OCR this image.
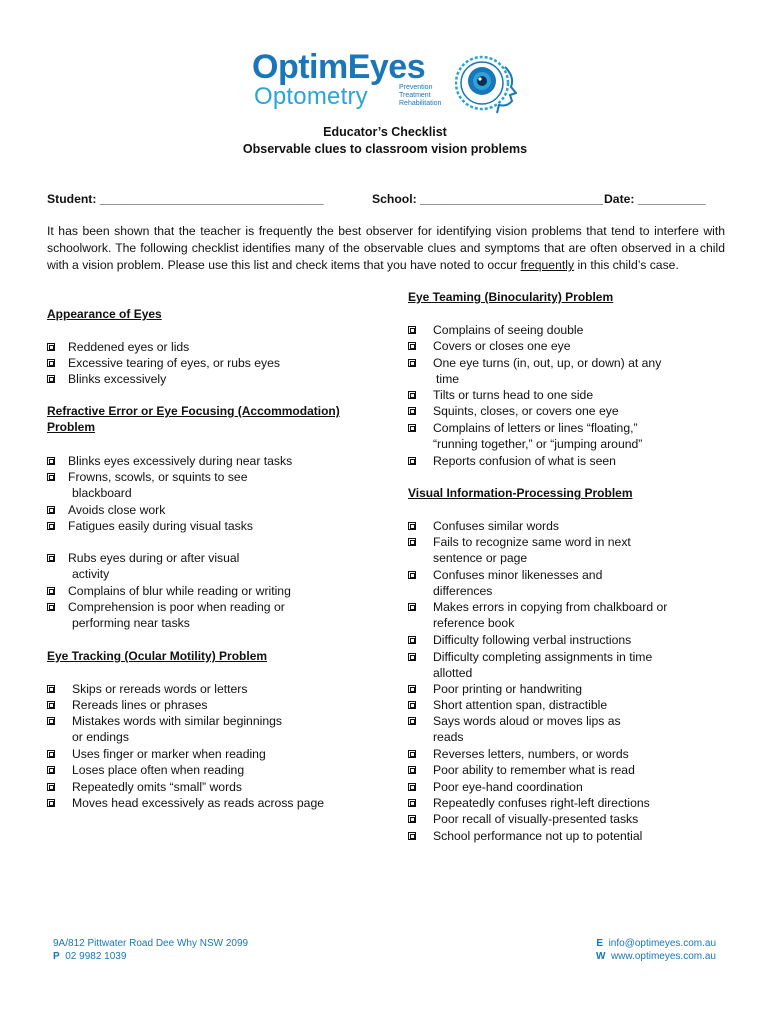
OptimEyes
Optometry	Prevention
Treatment
Rehabilitation
Educator’s Checklist
Observable clues to classroom vision problems
Student: _________________________________	School: ___________________________ Date: __________
It has been shown that the teacher is frequently the best observer for identifying vision problems that tend to interfere with schoolwork. The following checklist identifies many of the observable clues and symptoms that are often observed in a child with a vision problem. Please use this list and check items that you have noted to occur frequently in this child’s case.
Appearance of Eyes
Reddened eyes or lids
Excessive tearing of eyes, or rubs eyes
Blinks excessively
Refractive Error or Eye Focusing (Accommodation)
Problem
Blinks eyes excessively during near tasks
Frowns, scowls, or squints to see
blackboard
Avoids close work
Fatigues easily during visual tasks
Rubs eyes during or after visual
activity
Complains of blur while reading or writing
Comprehension is poor when reading or
performing near tasks
Eye Tracking (Ocular Motility) Problem
Skips or rereads words or letters
Rereads lines or phrases
Mistakes words with similar beginnings
or endings
Uses finger or marker when reading
Loses place often when reading
Repeatedly omits “small” words
Moves head excessively as reads across page
Eye Teaming (Binocularity) Problem
Complains of seeing double
Covers or closes one eye
One eye turns (in, out, up, or down) at any
time
Tilts or turns head to one side
Squints, closes, or covers one eye
Complains of letters or lines “floating,”
“running together,” or “jumping around”
Reports confusion of what is seen
Visual Information-Processing Problem
Confuses similar words
Fails to recognize same word in next
sentence or page
Confuses minor likenesses and
differences
Makes errors in copying from chalkboard or
reference book
Difficulty following verbal instructions
Difficulty completing assignments in time
allotted
Poor printing or handwriting
Short attention span, distractible
Says words aloud or moves lips as
reads
Reverses letters, numbers, or words
Poor ability to remember what is read
Poor eye-hand coordination
Repeatedly confuses right-left directions
Poor recall of visually-presented tasks
School performance not up to potential
9A/812 Pittwater Road Dee Why NSW 2099
P 02 9982 1039
E info@optimeyes.com.au
W www.optimeyes.com.au
